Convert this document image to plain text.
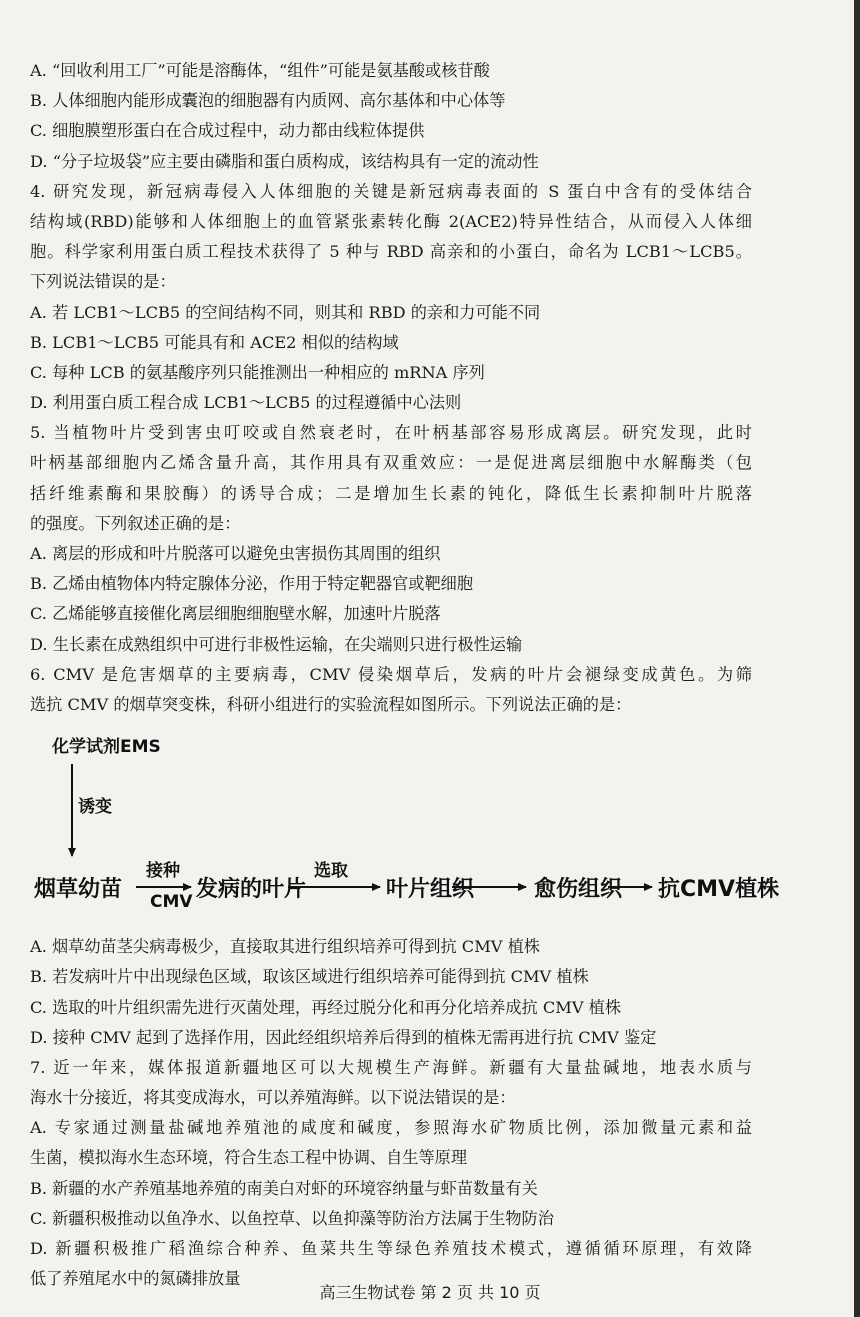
A. “回收利用工厂”可能是溶酶体，“组件”可能是氨基酸或核苷酸
B. 人体细胞内能形成囊泡的细胞器有内质网、高尔基体和中心体等
C. 细胞膜塑形蛋白在合成过程中，动力都由线粒体提供
D. “分子垃圾袋”应主要由磷脂和蛋白质构成，该结构具有一定的流动性
4. 研究发现，新冠病毒侵入人体细胞的关键是新冠病毒表面的 S 蛋白中含有的受体结合
结构域(RBD)能够和人体细胞上的血管紧张素转化酶 2(ACE2)特异性结合，从而侵入人体细
胞。科学家利用蛋白质工程技术获得了 5 种与 RBD 高亲和的小蛋白，命名为 LCB1～LCB5。
下列说法错误的是：
A. 若 LCB1～LCB5 的空间结构不同，则其和 RBD 的亲和力可能不同
B. LCB1～LCB5 可能具有和 ACE2 相似的结构域
C. 每种 LCB 的氨基酸序列只能推测出一种相应的 mRNA 序列
D. 利用蛋白质工程合成 LCB1～LCB5 的过程遵循中心法则
5. 当植物叶片受到害虫叮咬或自然衰老时，在叶柄基部容易形成离层。研究发现，此时
叶柄基部细胞内乙烯含量升高，其作用具有双重效应：一是促进离层细胞中水解酶类（包
括纤维素酶和果胶酶）的诱导合成；二是增加生长素的钝化，降低生长素抑制叶片脱落
的强度。下列叙述正确的是：
A. 离层的形成和叶片脱落可以避免虫害损伤其周围的组织
B. 乙烯由植物体内特定腺体分泌，作用于特定靶器官或靶细胞
C. 乙烯能够直接催化离层细胞细胞壁水解，加速叶片脱落
D. 生长素在成熟组织中可进行非极性运输，在尖端则只进行极性运输
6. CMV 是危害烟草的主要病毒，CMV 侵染烟草后，发病的叶片会褪绿变成黄色。为筛
选抗 CMV 的烟草突变株，科研小组进行的实验流程如图所示。下列说法正确的是：
化学试剂EMS
诱变
烟草幼苗
接种
CMV 发病的叶片
选取
叶片组织	愈伤组织 抗CMV植株
A. 烟草幼苗茎尖病毒极少，直接取其进行组织培养可得到抗 CMV 植株
B. 若发病叶片中出现绿色区域，取该区域进行组织培养可能得到抗 CMV 植株
C. 选取的叶片组织需先进行灭菌处理，再经过脱分化和再分化培养成抗 CMV 植株
D. 接种 CMV 起到了选择作用，因此经组织培养后得到的植株无需再进行抗 CMV 鉴定
7. 近一年来，媒体报道新疆地区可以大规模生产海鲜。新疆有大量盐碱地，地表水质与
海水十分接近，将其变成海水，可以养殖海鲜。以下说法错误的是：
A. 专家通过测量盐碱地养殖池的咸度和碱度，参照海水矿物质比例，添加微量元素和益
生菌，模拟海水生态环境，符合生态工程中协调、自生等原理
B. 新疆的水产养殖基地养殖的南美白对虾的环境容纳量与虾苗数量有关
C. 新疆积极推动以鱼净水、以鱼控草、以鱼抑藻等防治方法属于生物防治
D. 新疆积极推广稻渔综合种养、鱼菜共生等绿色养殖技术模式，遵循循环原理，有效降
低了养殖尾水中的氮磷排放量
高三生物试卷 第 2 页 共 10 页
